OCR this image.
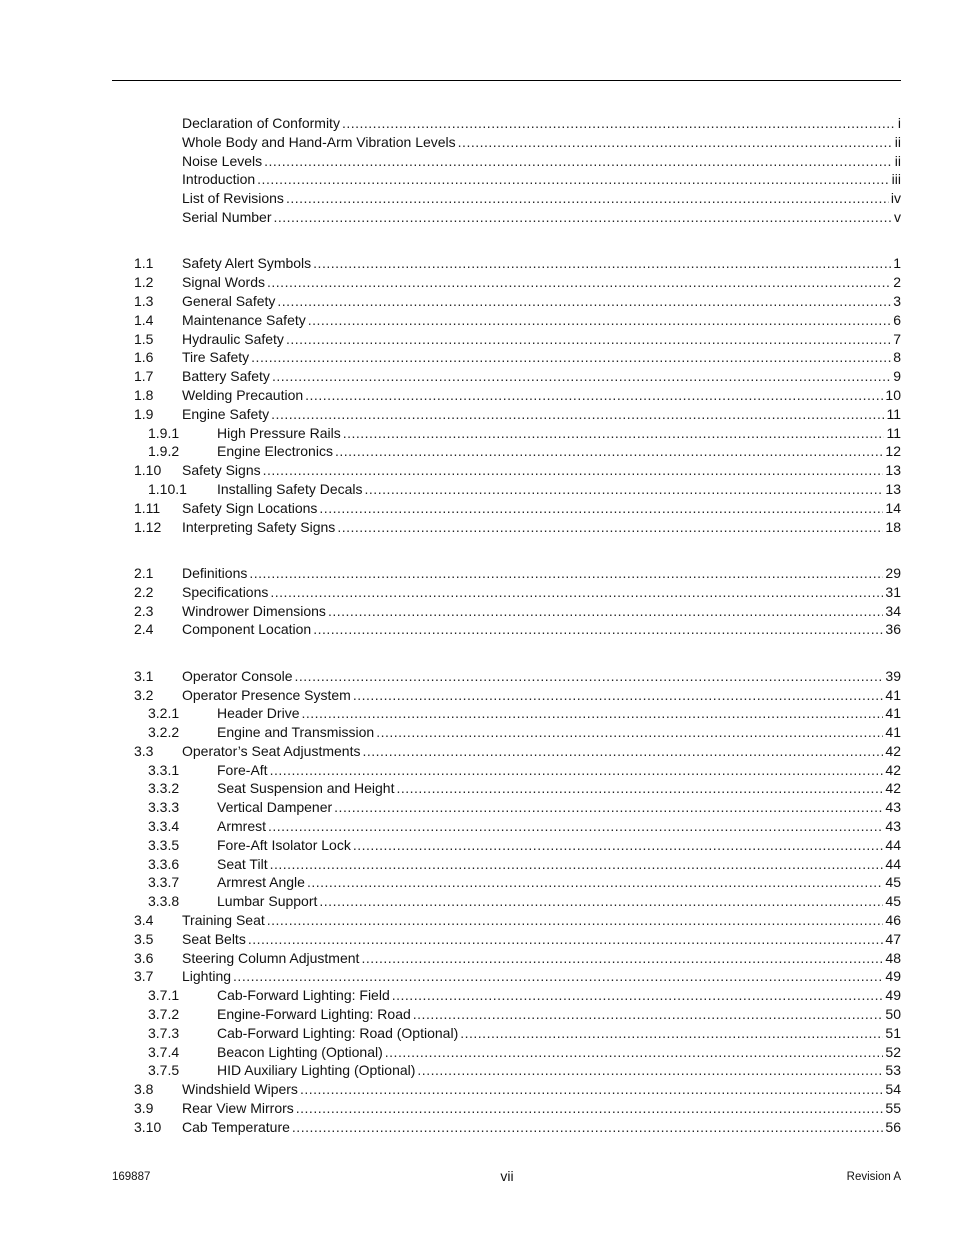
Declaration of Conformity .....	i
Whole Body and Hand-Arm Vibration Levels .....	ii
Noise Levels .....	ii
Introduction .....	iii
List of Revisions .....	iv
Serial Number .....	v
1.1 Safety Alert Symbols .....	1
1.2 Signal Words .....	2
1.3 General Safety .....	3
1.4 Maintenance Safety .....	6
1.5 Hydraulic Safety .....	7
1.6 Tire Safety .....	8
1.7 Battery Safety .....	9
1.8 Welding Precaution .....	10
1.9 Engine Safety .....	11
1.9.1	High Pressure Rails .....	11
1.9.2	Engine Electronics .....	12
1.10 Safety Signs .....	13
1.10.1 Installing Safety Decals .....	13
1.11 Safety Sign Locations .....	14
1.12 Interpreting Safety Signs .....	18
2.1 Definitions .....	29
2.2 Specifications .....	31
2.3 Windrower Dimensions .....	34
2.4 Component Location .....	36
3.1 Operator Console .....	39
3.2 Operator Presence System .....	41
3.2.1	Header Drive .....	41
3.2.2	Engine and Transmission .....	41
3.3 Operator’s Seat Adjustments .....	42
3.3.1	Fore-Aft .....	42
3.3.2	Seat Suspension and Height .....	42
3.3.3	Vertical Dampener .....	43
3.3.4	Armrest .....	43
3.3.5	Fore-Aft Isolator Lock .....	44
3.3.6	Seat Tilt .....	44
3.3.7	Armrest Angle .....	45
3.3.8	Lumbar Support .....	45
3.4 Training Seat .....	46
3.5 Seat Belts .....	47
3.6 Steering Column Adjustment .....	48
3.7 Lighting .....	49
3.7.1	Cab-Forward Lighting: Field .....	49
3.7.2	Engine-Forward Lighting: Road .....	50
3.7.3	Cab-Forward Lighting: Road (Optional) .....	51
3.7.4	Beacon Lighting (Optional) .....	52
3.7.5	HID Auxiliary Lighting (Optional) .....	53
3.8 Windshield Wipers .....	54
3.9 Rear View Mirrors .....	55
3.10 Cab Temperature .....	56
169887	vii	Revision A
